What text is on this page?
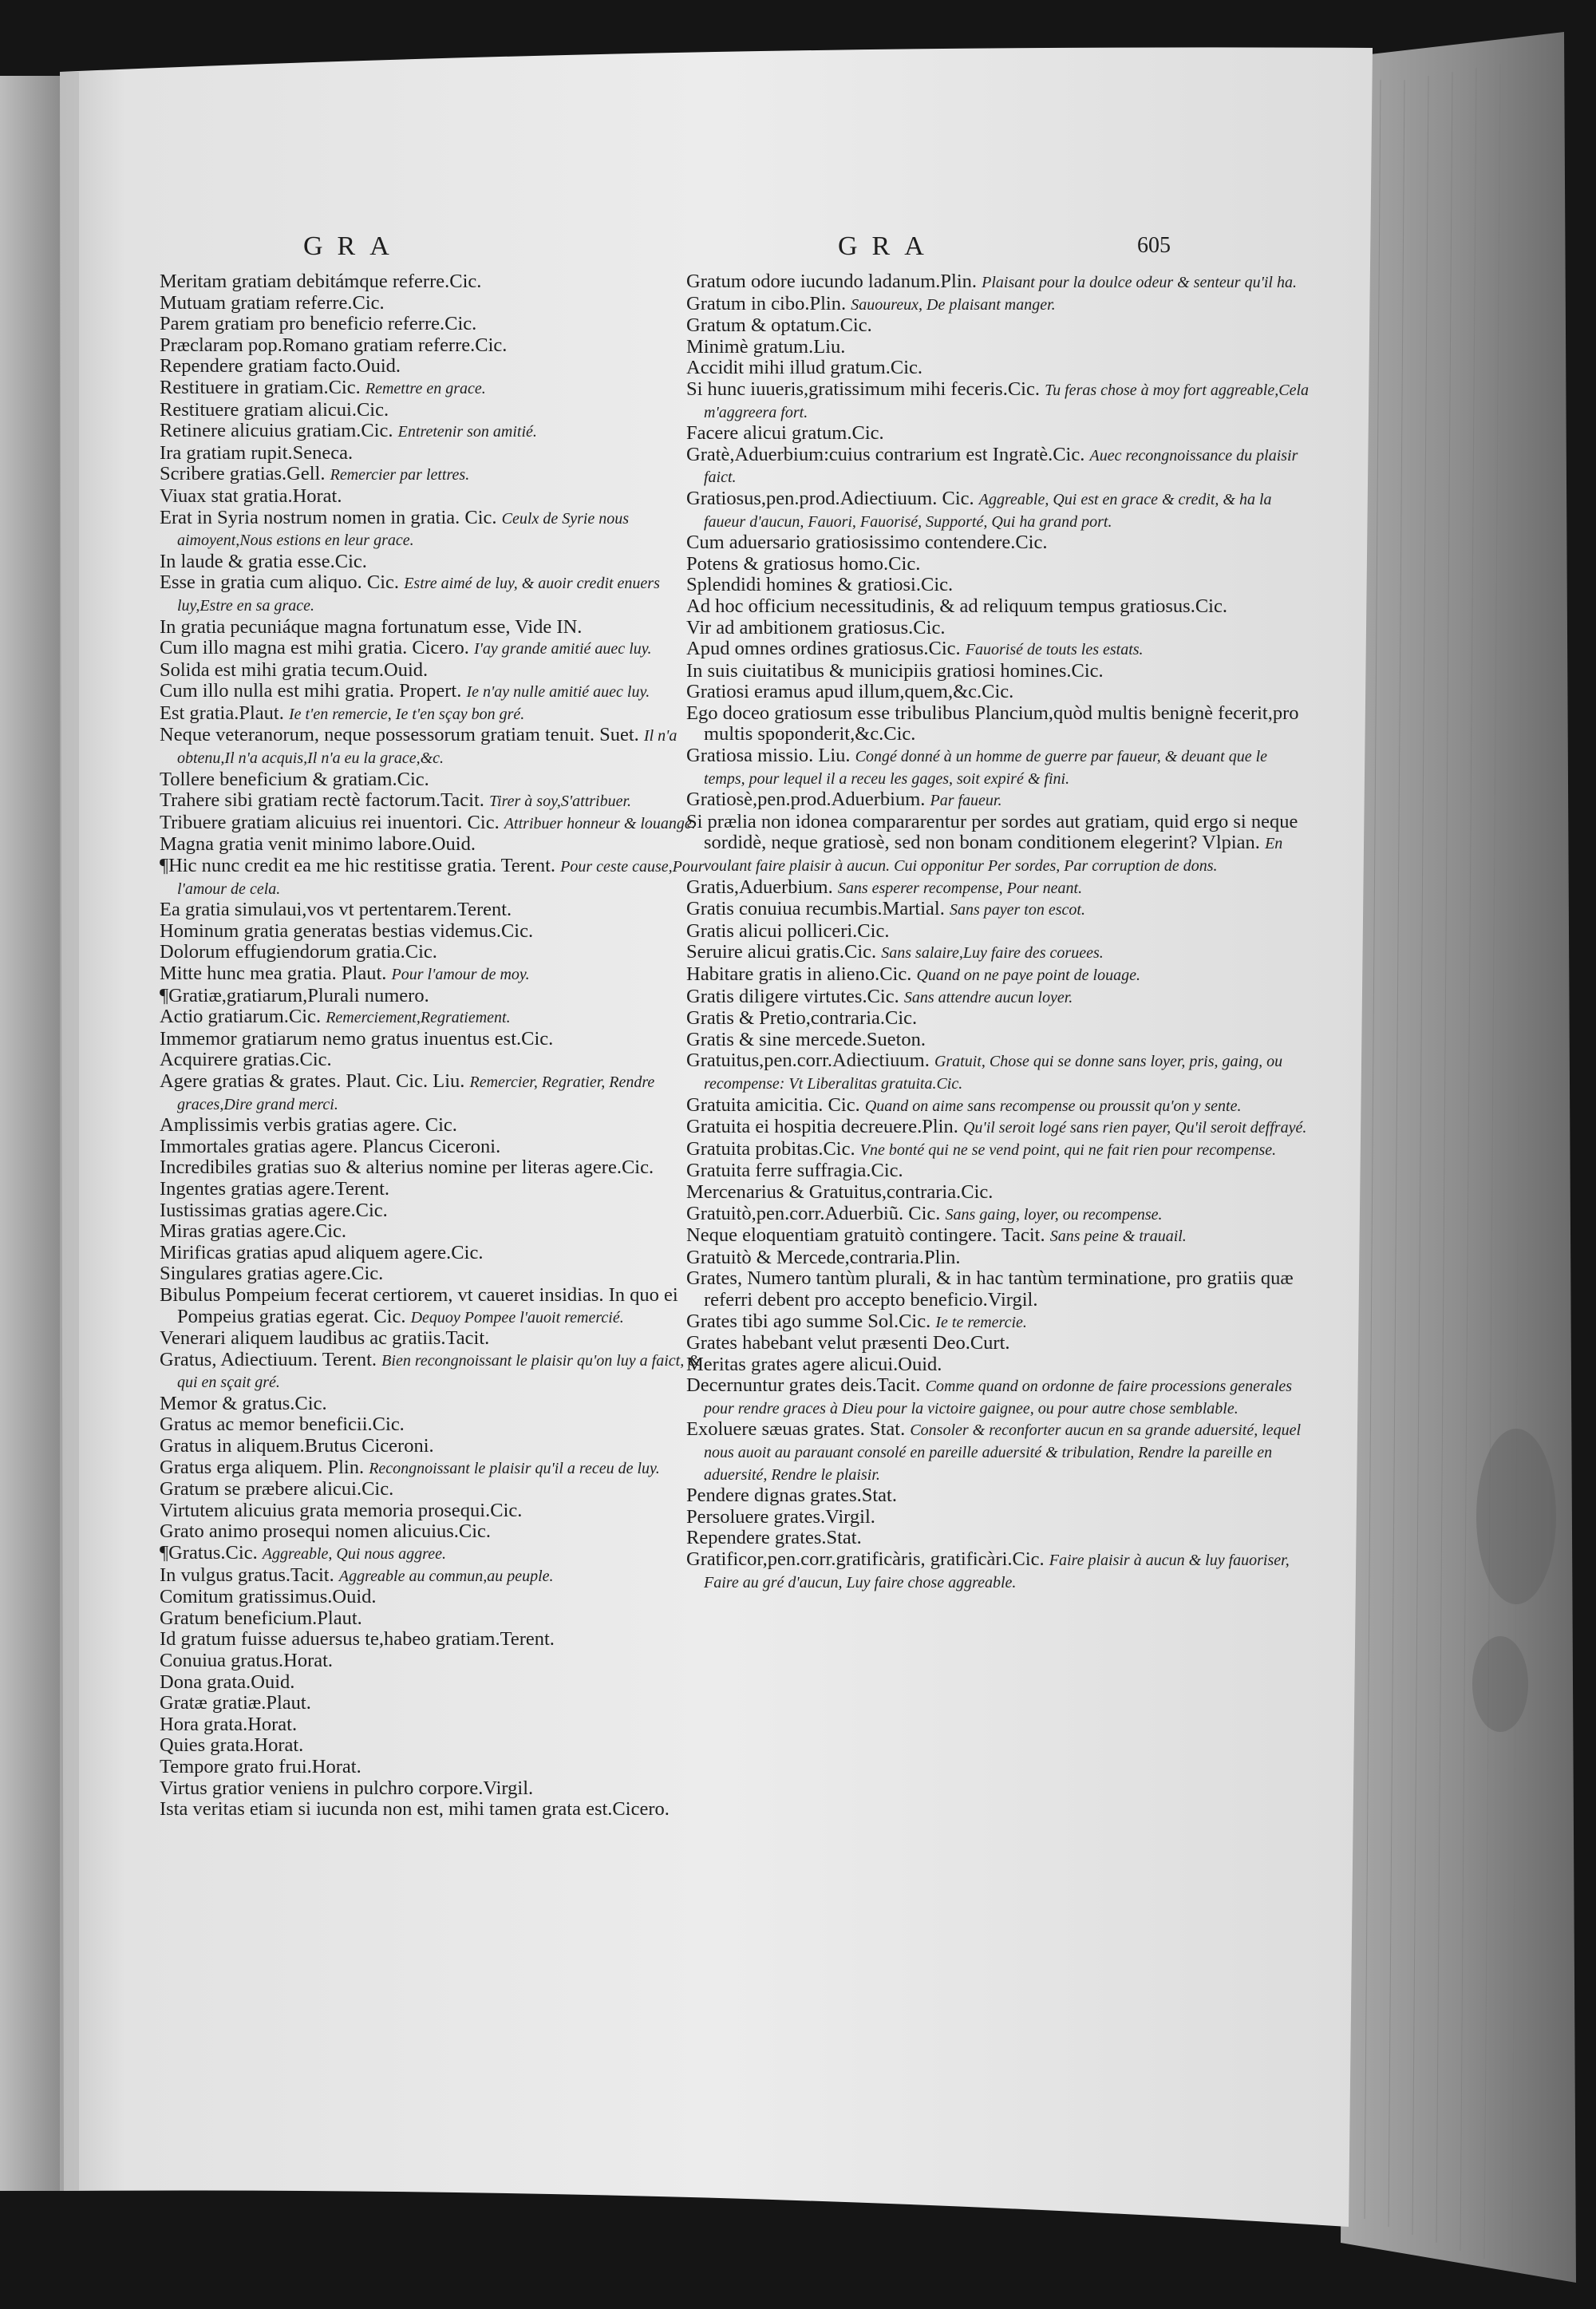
GRA	GRA	605

Meritam gratiam debitámque referre.Cic.

Mutuam gratiam referre.Cic.

Parem gratiam pro beneficio referre.Cic.

Præclaram pop.Romano gratiam referre.Cic.

Rependere gratiam facto.Ouid.

Restituere in gratiam.Cic. Remettre en grace.

Restituere gratiam alicui.Cic.

Retinere alicuius gratiam.Cic. Entretenir son amitié.

Ira gratiam rupit.Seneca.

Scribere gratias.Gell. Remercier par lettres.

Viuax stat gratia.Horat.

Erat in Syria nostrum nomen in gratia. Cic. Ceulx de Syrie nous aimoyent,Nous estions en leur grace.

In laude & gratia esse.Cic.

Esse in gratia cum aliquo. Cic. Estre aimé de luy, & auoir credit enuers luy,Estre en sa grace.

In gratia pecuniáque magna fortunatum esse, Vide IN.

Cum illo magna est mihi gratia. Cicero. I'ay grande amitié auec luy.

Solida est mihi gratia tecum.Ouid.

Cum illo nulla est mihi gratia. Propert. Ie n'ay nulle amitié auec luy.

Est gratia.Plaut. Ie t'en remercie, Ie t'en sçay bon gré.

Neque veteranorum, neque possessorum gratiam tenuit. Suet. Il n'a obtenu,Il n'a acquis,Il n'a eu la grace,&c.

Tollere beneficium & gratiam.Cic.

Trahere sibi gratiam rectè factorum.Tacit. Tirer à soy,S'attribuer.

Tribuere gratiam alicuius rei inuentori. Cic. Attribuer honneur & louange.

Magna gratia venit minimo labore.Ouid.

¶Hic nunc credit ea me hic restitisse gratia. Terent. Pour ceste cause,Pour l'amour de cela.

Ea gratia simulaui,vos vt pertentarem.Terent.

Hominum gratia generatas bestias videmus.Cic.

Dolorum effugiendorum gratia.Cic.

Mitte hunc mea gratia. Plaut. Pour l'amour de moy.

¶Gratiæ,gratiarum,Plurali numero.

Actio gratiarum.Cic. Remerciement,Regratiement.

Immemor gratiarum nemo gratus inuentus est.Cic.

Acquirere gratias.Cic.

Agere gratias & grates. Plaut. Cic. Liu. Remercier, Regratier, Rendre graces,Dire grand merci.

Amplissimis verbis gratias agere. Cic.

Immortales gratias agere. Plancus Ciceroni.

Incredibiles gratias suo & alterius nomine per literas agere.Cic.

Ingentes gratias agere.Terent.

Iustissimas gratias agere.Cic.

Miras gratias agere.Cic.

Mirificas gratias apud aliquem agere.Cic.

Singulares gratias agere.Cic.

Bibulus Pompeium fecerat certiorem, vt caueret insidias. In quo ei Pompeius gratias egerat. Cic. Dequoy Pompee l'auoit remercié.

Venerari aliquem laudibus ac gratiis.Tacit.

Gratus, Adiectiuum. Terent. Bien recongnoissant le plaisir qu'on luy a faict, & qui en sçait gré.

Memor & gratus.Cic.

Gratus ac memor beneficii.Cic.

Gratus in aliquem.Brutus Ciceroni.

Gratus erga aliquem. Plin. Recongnoissant le plaisir qu'il a receu de luy.

Gratum se præbere alicui.Cic.

Virtutem alicuius grata memoria prosequi.Cic.

Grato animo prosequi nomen alicuius.Cic.

¶Gratus.Cic. Aggreable, Qui nous aggree.

In vulgus gratus.Tacit. Aggreable au commun,au peuple.

Comitum gratissimus.Ouid.

Gratum beneficium.Plaut.

Id gratum fuisse aduersus te,habeo gratiam.Terent.

Conuiua gratus.Horat.

Dona grata.Ouid.

Gratæ gratiæ.Plaut.

Hora grata.Horat.

Quies grata.Horat.

Tempore grato frui.Horat.

Virtus gratior veniens in pulchro corpore.Virgil.

Ista veritas etiam si iucunda non est, mihi tamen grata est.Cicero.

Gratum odore iucundo ladanum.Plin. Plaisant pour la doulce odeur & senteur qu'il ha.

Gratum in cibo.Plin. Sauoureux, De plaisant manger.

Gratum & optatum.Cic.

Minimè gratum.Liu.

Accidit mihi illud gratum.Cic.

Si hunc iuueris,gratissimum mihi feceris.Cic. Tu feras chose à moy fort aggreable,Cela m'aggreera fort.

Facere alicui gratum.Cic.

Gratè,Aduerbium:cuius contrarium est Ingratè.Cic. Auec recongnoissance du plaisir faict.

Gratiosus,pen.prod.Adiectiuum. Cic. Aggreable, Qui est en grace & credit, & ha la faueur d'aucun, Fauori, Fauorisé, Supporté, Qui ha grand port.

Cum aduersario gratiosissimo contendere.Cic.

Potens & gratiosus homo.Cic.

Splendidi homines & gratiosi.Cic.

Ad hoc officium necessitudinis, & ad reliquum tempus gratiosus.Cic.

Vir ad ambitionem gratiosus.Cic.

Apud omnes ordines gratiosus.Cic. Fauorisé de touts les estats.

In suis ciuitatibus & municipiis gratiosi homines.Cic.

Gratiosi eramus apud illum,quem,&c.Cic.

Ego doceo gratiosum esse tribulibus Plancium,quòd multis benignè fecerit,pro multis spoponderit,&c.Cic.

Gratiosa missio. Liu. Congé donné à un homme de guerre par faueur, & deuant que le temps, pour lequel il a receu les gages, soit expiré & fini.

Gratiosè,pen.prod.Aduerbium. Par faueur.

Si prælia non idonea compararentur per sordes aut gratiam, quid ergo si neque sordidè, neque gratiosè, sed non bonam conditionem elegerint? Vlpian. En voulant faire plaisir à aucun. Cui opponitur Per sordes, Par corruption de dons.

Gratis,Aduerbium. Sans esperer recompense, Pour neant.

Gratis conuiua recumbis.Martial. Sans payer ton escot.

Gratis alicui polliceri.Cic.

Seruire alicui gratis.Cic. Sans salaire,Luy faire des coruees.

Habitare gratis in alieno.Cic. Quand on ne paye point de louage.

Gratis diligere virtutes.Cic. Sans attendre aucun loyer.

Gratis & Pretio,contraria.Cic.

Gratis & sine mercede.Sueton.

Gratuitus,pen.corr.Adiectiuum. Gratuit, Chose qui se donne sans loyer, pris, gaing, ou recompense: Vt Liberalitas gratuita.Cic.

Gratuita amicitia. Cic. Quand on aime sans recompense ou proussit qu'on y sente.

Gratuita ei hospitia decreuere.Plin. Qu'il seroit logé sans rien payer, Qu'il seroit deffrayé.

Gratuita probitas.Cic. Vne bonté qui ne se vend point, qui ne fait rien pour recompense.

Gratuita ferre suffragia.Cic.

Mercenarius & Gratuitus,contraria.Cic.

Gratuitò,pen.corr.Aduerbiũ. Cic. Sans gaing, loyer, ou recompense.

Neque eloquentiam gratuitò contingere. Tacit. Sans peine & trauail.

Gratuitò & Mercede,contraria.Plin.

Grates, Numero tantùm plurali, & in hac tantùm terminatione, pro gratiis quæ referri debent pro accepto beneficio.Virgil.

Grates tibi ago summe Sol.Cic. Ie te remercie.

Grates habebant velut præsenti Deo.Curt.

Meritas grates agere alicui.Ouid.

Decernuntur grates deis.Tacit. Comme quand on ordonne de faire processions generales pour rendre graces à Dieu pour la victoire gaignee, ou pour autre chose semblable.

Exoluere sæuas grates. Stat. Consoler & reconforter aucun en sa grande aduersité, lequel nous auoit au parauant consolé en pareille aduersité & tribulation, Rendre la pareille en aduersité, Rendre le plaisir.

Pendere dignas grates.Stat.

Persoluere grates.Virgil.

Rependere grates.Stat.

Gratificor,pen.corr.gratificàris, gratificàri.Cic. Faire plaisir à aucun & luy fauoriser, Faire au gré d'aucun, Luy faire chose aggreable.
